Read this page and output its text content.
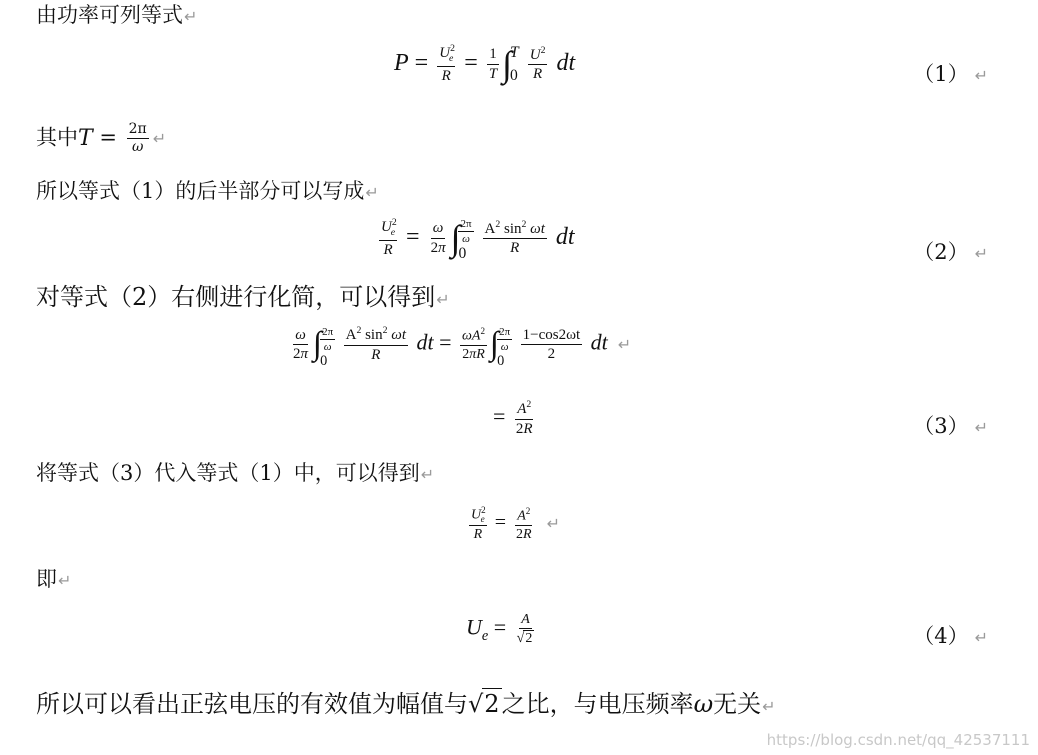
由功率可列等式↵
$P = \frac{U^2_e}{R} = \frac{1}{T}$ ∫
T
0
$\frac{U^2}{R}$ dt	（1） ↵
其中$T = \frac{2\pi}{\omega}$ ↵
所以等式（1）的后半部分可以写成↵
$\frac{U^2_e}{R} = \frac{\omega}{2\pi}$ ∫
$\frac{2\pi}{\omega}$
0
	$\frac{A^2 \sin^2 \omega t}{R}$ dt
（2） ↵
对等式（2）右侧进行化简，可以得到↵
$\frac{\omega}{2\pi}$ ∫
$\frac{2\pi}{\omega}$
0
	$\frac{A^2 \sin^2 \omega t}{R}$ dt = $\frac{\omega A^2}{2\pi R}$ ∫
$\frac{2\pi}{\omega}$
0
	$\frac{1-\cos 2\omega t}{2}$ dt ↵
= $\frac{A^2}{2R}$	（3） ↵
将等式（3）代入等式（1）中，可以得到↵
$\frac{U^2_e}{R} = \frac{A^2}{2R}$ ↵
即↵
$U_e = \frac{A}{√2}$	（4） ↵
所以可以看出正弦电压的有效值为幅值与√2之比，与电压频率ω无关↵
https://blog.csdn.net/qq_42537111
